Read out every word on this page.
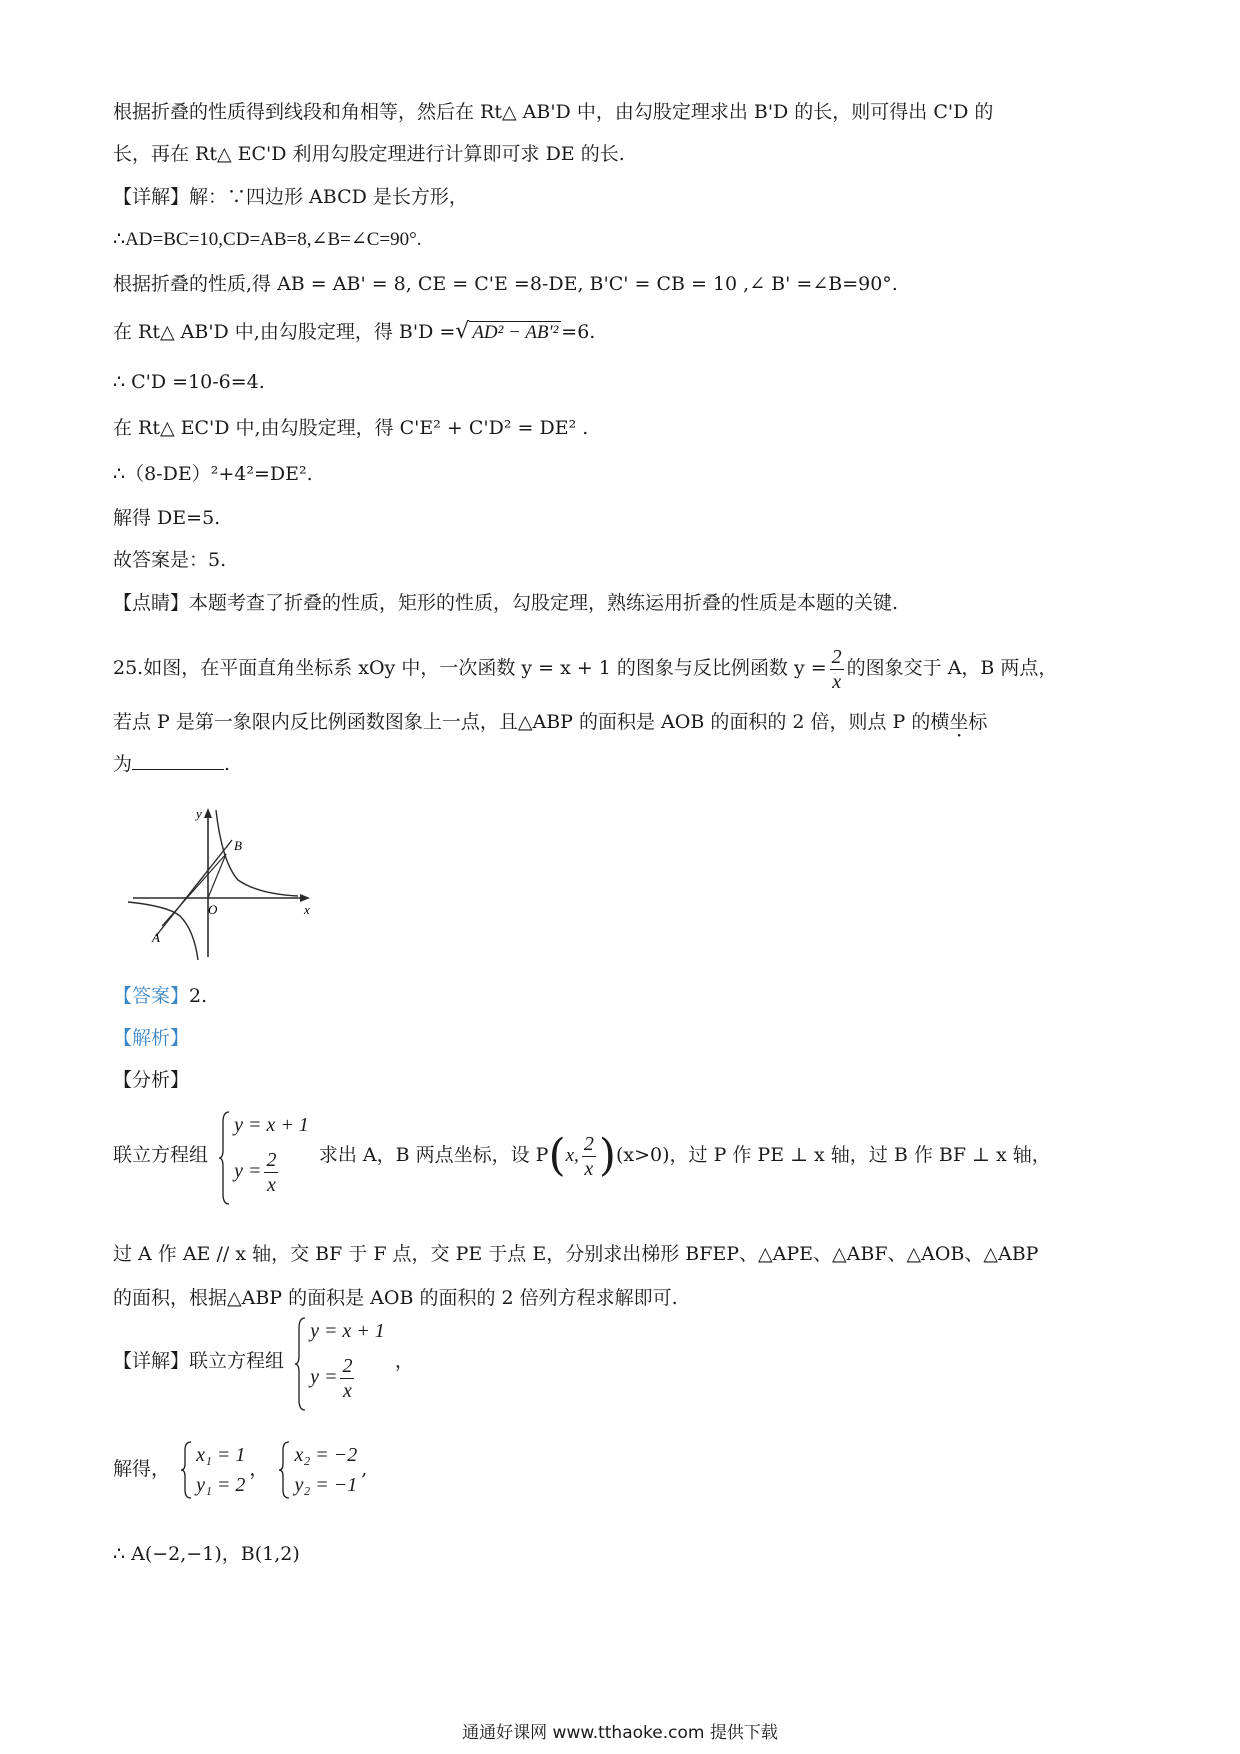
根据折叠的性质得到线段和角相等，然后在 Rt△ AB'D 中，由勾股定理求出 B'D 的长，则可得出 C'D 的
长，再在 Rt△ EC'D 利用勾股定理进行计算即可求 DE 的长.
【详解】解：∵四边形 ABCD 是长方形，
∴AD=BC=10,CD=AB=8,∠B=∠C=90°.
根据折叠的性质,得 AB = AB' = 8, CE = C'E =8-DE, B'C' = CB = 10 ,∠ B' =∠B=90°.
在 Rt△ AB'D 中,由勾股定理，得 B'D =√ AD² − AB'² =6.
∴ C'D =10-6=4.
在 Rt△ EC'D 中,由勾股定理，得 C'E² + C'D² = DE² .
∴（8-DE）²+4²=DE².
解得 DE=5.
故答案是：5.
【点睛】本题考查了折叠的性质，矩形的性质，勾股定理，熟练运用折叠的性质是本题的关键.
25.如图，在平面直角坐标系 xOy 中，一次函数 y = x + 1 的图象与反比例函数 $y = \frac{2}{x}$ 的图象交于 A，B 两点，
若点 P 是第一象限内反比例函数图象上一点，且△ABP 的面积是 AOB 的面积的 2 倍，则点 P 的横坐标
为	.
y
x
O
A
B
【答案】2.
【解析】
【分析】
联立方程组
y = x + 1
$y = \frac{2}{x}$ 求出 A，B 两点坐标，设 P(x, $\frac{2}{x} )(x>0)$，过 P 作 PE ⊥ x 轴，过 B 作 BF ⊥ x 轴，
过 A 作 AE // x 轴，交 BF 于 F 点，交 PE 于点 E，分别求出梯形 BFEP、△APE、△ABF、△AOB、△ABP
的面积，根据△ABP 的面积是 AOB 的面积的 2 倍列方程求解即可.
【详解】联立方程组
y = x + 1
$y = \frac{2}{x}$ ，
解得，
x₁ = 1
y₁ = 2
，
x₂ = −2
y₂ = −1
,
∴ A(−2,−1)，B(1,2)
通通好课网 www.tthaoke.com 提供下载
